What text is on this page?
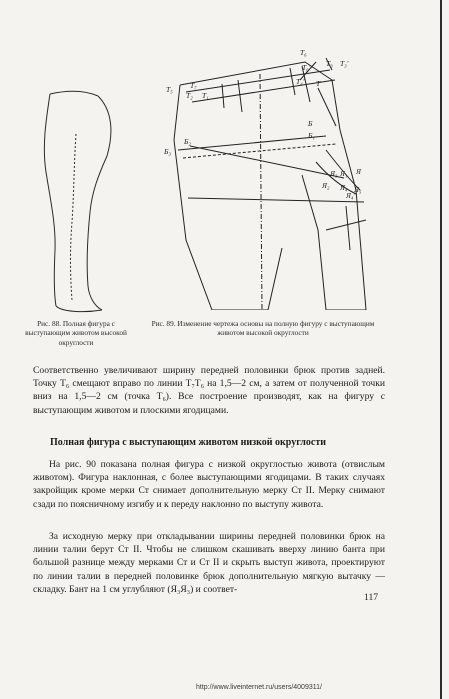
T₆
T₆'
T₄'
T₃ T₃'
T₇
T₁
T₂
T₅
T
Б
Б₁
Б₂
Б₃
Я₃ Я₁
Я₂
Я
Я₄
Я₄'
Я₅
Рис. 88. Полная фигура с выступающим животом высокой округлости
Рис. 89. Изменение чертежа основы на полную фигуру с выступающим животом высокой округлости

Соответственно увеличивают ширину передней половинки брюк против задней. Точку T₆ смещают вправо по линии T₇T₆ на 1,5—2 см, а затем от полученной точки вниз на 1,5—2 см (точка T₆). Все построение производят, как на фигуру с выступающим животом и плоскими ягодицами.

Полная фигура с выступающим животом низкой округлости

На рис. 90 показана полная фигура с низкой округлостью живота (отвислым животом). Фигура наклонная, с более выступающими ягодицами. В таких случаях закройщик кроме мерки Ст снимает дополнительную мерку Ст II. Мерку снимают сзади по поясничному изгибу и к переду наклонно по выступу живота.

За исходную мерку при откладывании ширины передней половинки брюк на линии талии берут Ст II. Чтобы не слишком скашивать вверху линию банта при большой разнице между мерками Ст и Ст II и скрыть выступ живота, проектируют по линии талии в передней половинке брюк дополнительную мягкую вытачку — складку. Бант на 1 см углубляют (Я₃Я₃) и соответ-

117
http://www.liveinternet.ru/users/4009311/
